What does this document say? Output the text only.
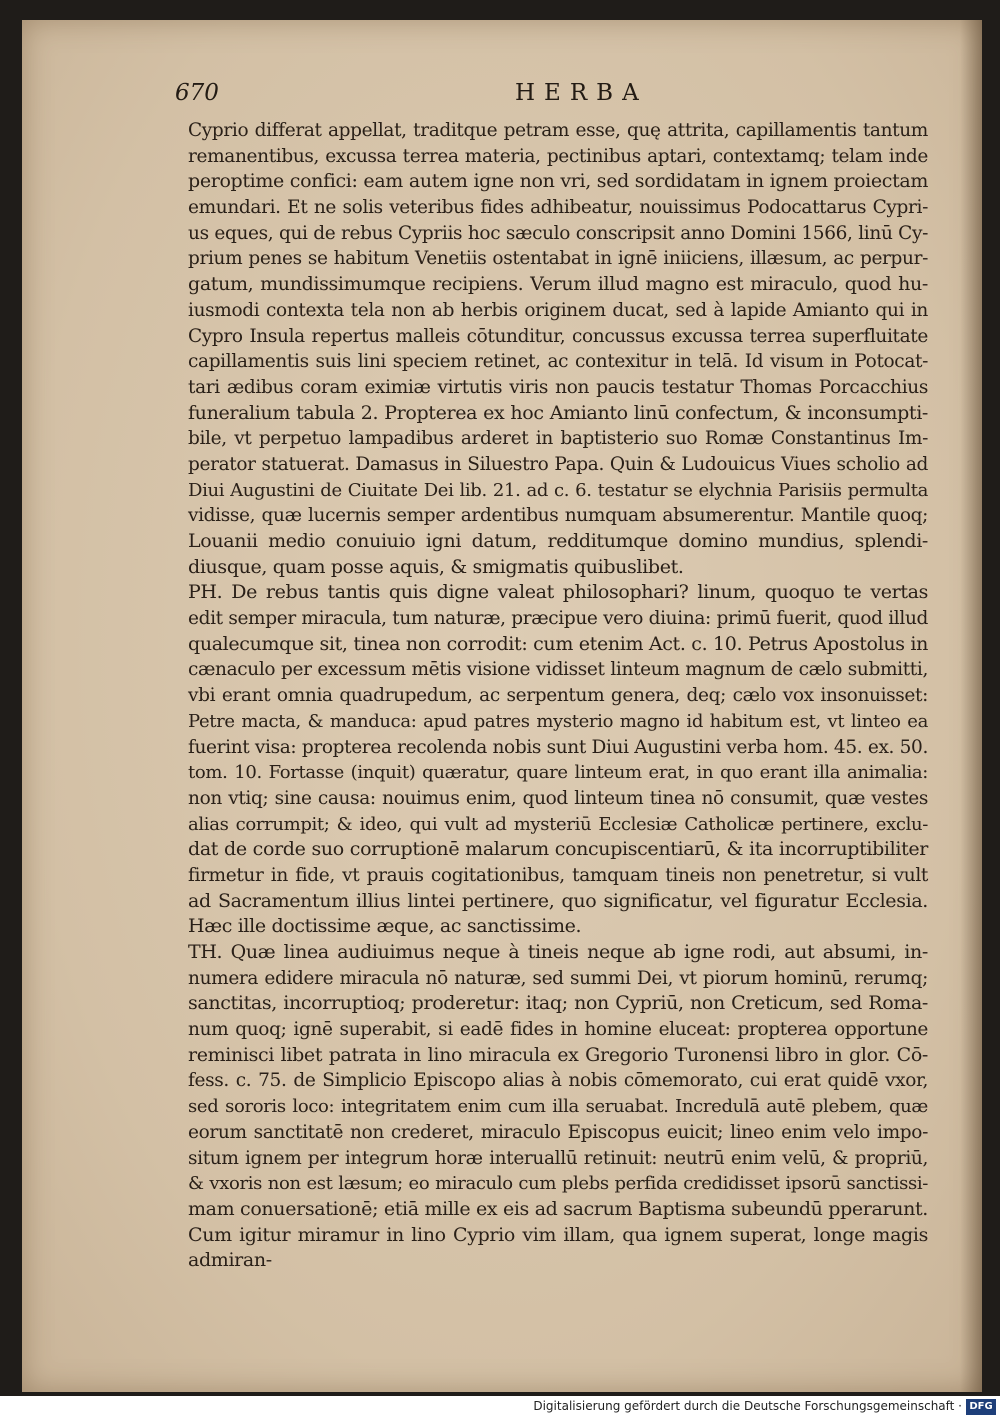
670	HERBA
Cyprio differat appellat, traditque petram esse, quę attrita, capillamentis tantum
remanentibus, excussa terrea materia, pectinibus aptari, contextamq; telam inde
peroptime confici: eam autem igne non vri, sed sordidatam in ignem proiectam
emundari. Et ne solis veteribus fides adhibeatur, nouissimus Podocattarus Cypri-
us eques, qui de rebus Cypriis hoc sæculo conscripsit anno Domini 1566, linū Cy-
prium penes se habitum Venetiis ostentabat in ignē iniiciens, illæsum, ac perpur-
gatum, mundissimumque recipiens. Verum illud magno est miraculo, quod hu-
iusmodi contexta tela non ab herbis originem ducat, sed à lapide Amianto qui in
Cypro Insula repertus malleis cōtunditur, concussus excussa terrea superfluitate
capillamentis suis lini speciem retinet, ac contexitur in telā. Id visum in Potocat-
tari ædibus coram eximiæ virtutis viris non paucis testatur Thomas Porcacchius
funeralium tabula 2. Propterea ex hoc Amianto linū confectum, & inconsumpti-
bile, vt perpetuo lampadibus arderet in baptisterio suo Romæ Constantinus Im-
perator statuerat. Damasus in Siluestro Papa. Quin & Ludouicus Viues scholio ad
Diui Augustini de Ciuitate Dei lib. 21. ad c. 6. testatur se elychnia Parisiis permulta
vidisse, quæ lucernis semper ardentibus numquam absumerentur. Mantile quoq;
Louanii medio conuiuio igni datum, redditumque domino mundius, splendi-
diusque, quam posse aquis, & smigmatis quibuslibet.
PH. De rebus tantis quis digne valeat philosophari? linum, quoquo te vertas
edit semper miracula, tum naturæ, præcipue vero diuina: primū fuerit, quod illud
qualecumque sit, tinea non corrodit: cum etenim Act. c. 10. Petrus Apostolus in
cænaculo per excessum mētis visione vidisset linteum magnum de cælo submitti,
vbi erant omnia quadrupedum, ac serpentum genera, deq; cælo vox insonuisset:
Petre macta, & manduca: apud patres mysterio magno id habitum est, vt linteo ea
fuerint visa: propterea recolenda nobis sunt Diui Augustini verba hom. 45. ex. 50.
tom. 10. Fortasse (inquit) quæratur, quare linteum erat, in quo erant illa animalia:
non vtiq; sine causa: nouimus enim, quod linteum tinea nō consumit, quæ vestes
alias corrumpit; & ideo, qui vult ad mysteriū Ecclesiæ Catholicæ pertinere, exclu-
dat de corde suo corruptionē malarum concupiscentiarū, & ita incorruptibiliter
firmetur in fide, vt prauis cogitationibus, tamquam tineis non penetretur, si vult
ad Sacramentum illius lintei pertinere, quo significatur, vel figuratur Ecclesia.
Hæc ille doctissime æque, ac sanctissime.
TH. Quæ linea audiuimus neque à tineis neque ab igne rodi, aut absumi, in-
numera edidere miracula nō naturæ, sed summi Dei, vt piorum hominū, rerumq;
sanctitas, incorruptioq; proderetur: itaq; non Cypriū, non Creticum, sed Roma-
num quoq; ignē superabit, si eadē fides in homine eluceat: propterea opportune
reminisci libet patrata in lino miracula ex Gregorio Turonensi libro in glor. Cō-
fess. c. 75. de Simplicio Episcopo alias à nobis cōmemorato, cui erat quidē vxor,
sed sororis loco: integritatem enim cum illa seruabat. Incredulā autē plebem, quæ
eorum sanctitatē non crederet, miraculo Episcopus euicit; lineo enim velo impo-
situm ignem per integrum horæ interuallū retinuit: neutrū enim velū, & propriū,
& vxoris non est læsum; eo miraculo cum plebs perfida credidisset ipsorū sanctissi-
mam conuersationē; etiā mille ex eis ad sacrum Baptisma subeundū pperarunt.
Cum igitur miramur in lino Cyprio vim illam, qua ignem superat, longe magis
admiran-
Digitalisierung gefördert durch die Deutsche Forschungsgemeinschaft · DFG
